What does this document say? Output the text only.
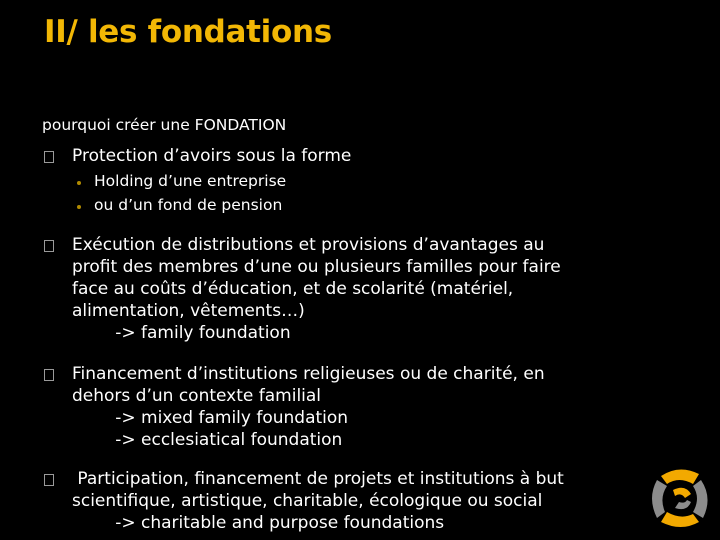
II/ les fondations
pourquoi créer une FONDATION
Protection d’avoirs sous la forme
Holding d’une entreprise
ou d’un fond de pension
Exécution de distributions et provisions d’avantages au
profit des membres d’une ou plusieurs familles pour faire
face au coûts d’éducation, et de scolarité (matériel,
alimentation, vêtements…)
-> family foundation
Financement d’institutions religieuses ou de charité, en
dehors d’un contexte familial
-> mixed family foundation
-> ecclesiatical foundation
Participation, financement de projets et institutions à but
scientifique, artistique, charitable, écologique ou social
-> charitable and purpose foundations
